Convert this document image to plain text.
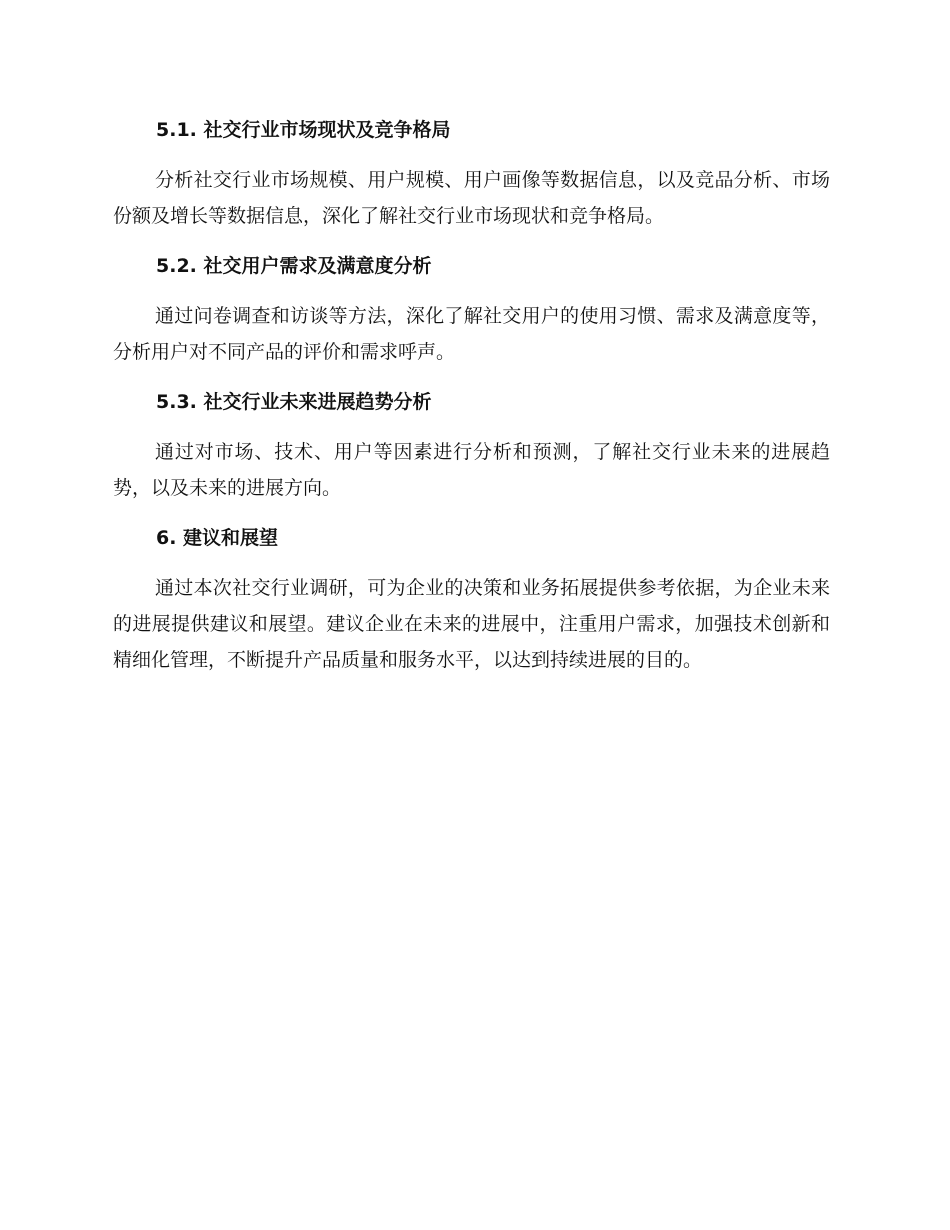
5.1. 社交行业市场现状及竞争格局

分析社交行业市场规模、用户规模、用户画像等数据信息，以及竞品分析、市场份额及增长等数据信息，深化了解社交行业市场现状和竞争格局。

5.2. 社交用户需求及满意度分析

通过问卷调查和访谈等方法，深化了解社交用户的使用习惯、需求及满意度等，分析用户对不同产品的评价和需求呼声。

5.3. 社交行业未来进展趋势分析

通过对市场、技术、用户等因素进行分析和预测，了解社交行业未来的进展趋势，以及未来的进展方向。

6. 建议和展望

通过本次社交行业调研，可为企业的决策和业务拓展提供参考依据，为企业未来的进展提供建议和展望。建议企业在未来的进展中，注重用户需求，加强技术创新和精细化管理，不断提升产品质量和服务水平，以达到持续进展的目的。
